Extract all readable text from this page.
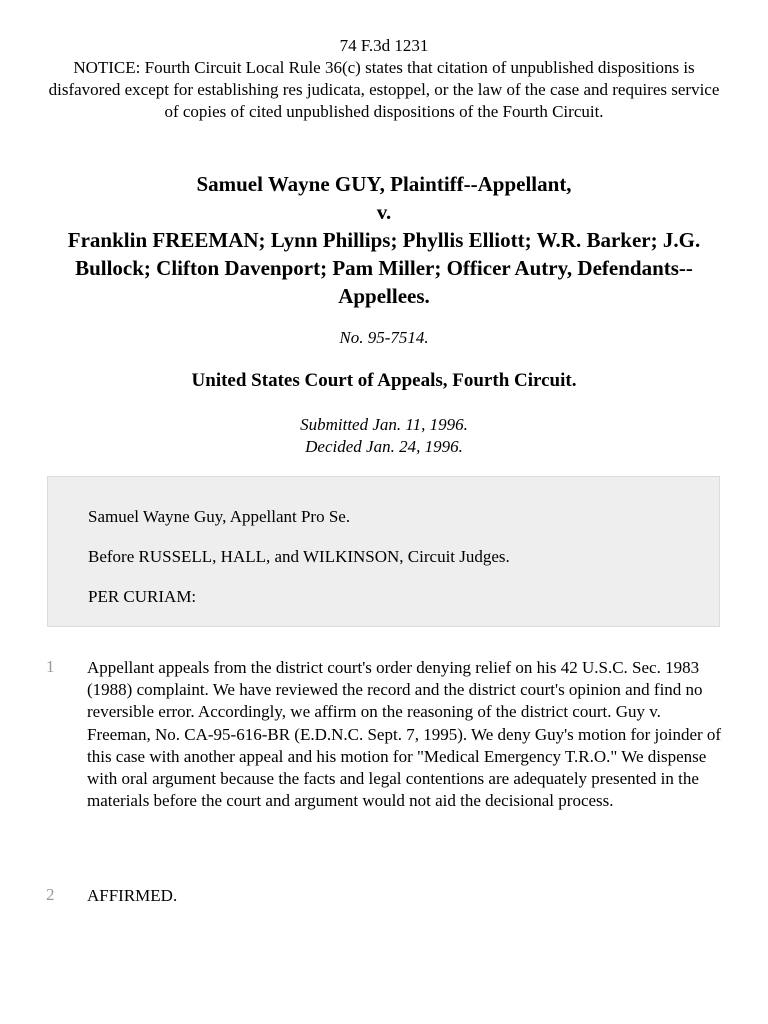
74 F.3d 1231
NOTICE: Fourth Circuit Local Rule 36(c) states that citation of unpublished dispositions is disfavored except for establishing res judicata, estoppel, or the law of the case and requires service of copies of cited unpublished dispositions of the Fourth Circuit.
Samuel Wayne GUY, Plaintiff--Appellant,
v.
Franklin FREEMAN; Lynn Phillips; Phyllis Elliott; W.R. Barker; J.G. Bullock; Clifton Davenport; Pam Miller; Officer Autry, Defendants--Appellees.
No. 95-7514.
United States Court of Appeals, Fourth Circuit.
Submitted Jan. 11, 1996.
Decided Jan. 24, 1996.

Samuel Wayne Guy, Appellant Pro Se.

Before RUSSELL, HALL, and WILKINSON, Circuit Judges.

PER CURIAM:

1 Appellant appeals from the district court's order denying relief on his 42 U.S.C. Sec. 1983 (1988) complaint. We have reviewed the record and the district court's opinion and find no reversible error. Accordingly, we affirm on the reasoning of the district court. Guy v. Freeman, No. CA-95-616-BR (E.D.N.C. Sept. 7, 1995). We deny Guy's motion for joinder of this case with another appeal and his motion for "Medical Emergency T.R.O." We dispense with oral argument because the facts and legal contentions are adequately presented in the materials before the court and argument would not aid the decisional process.
2 AFFIRMED.
